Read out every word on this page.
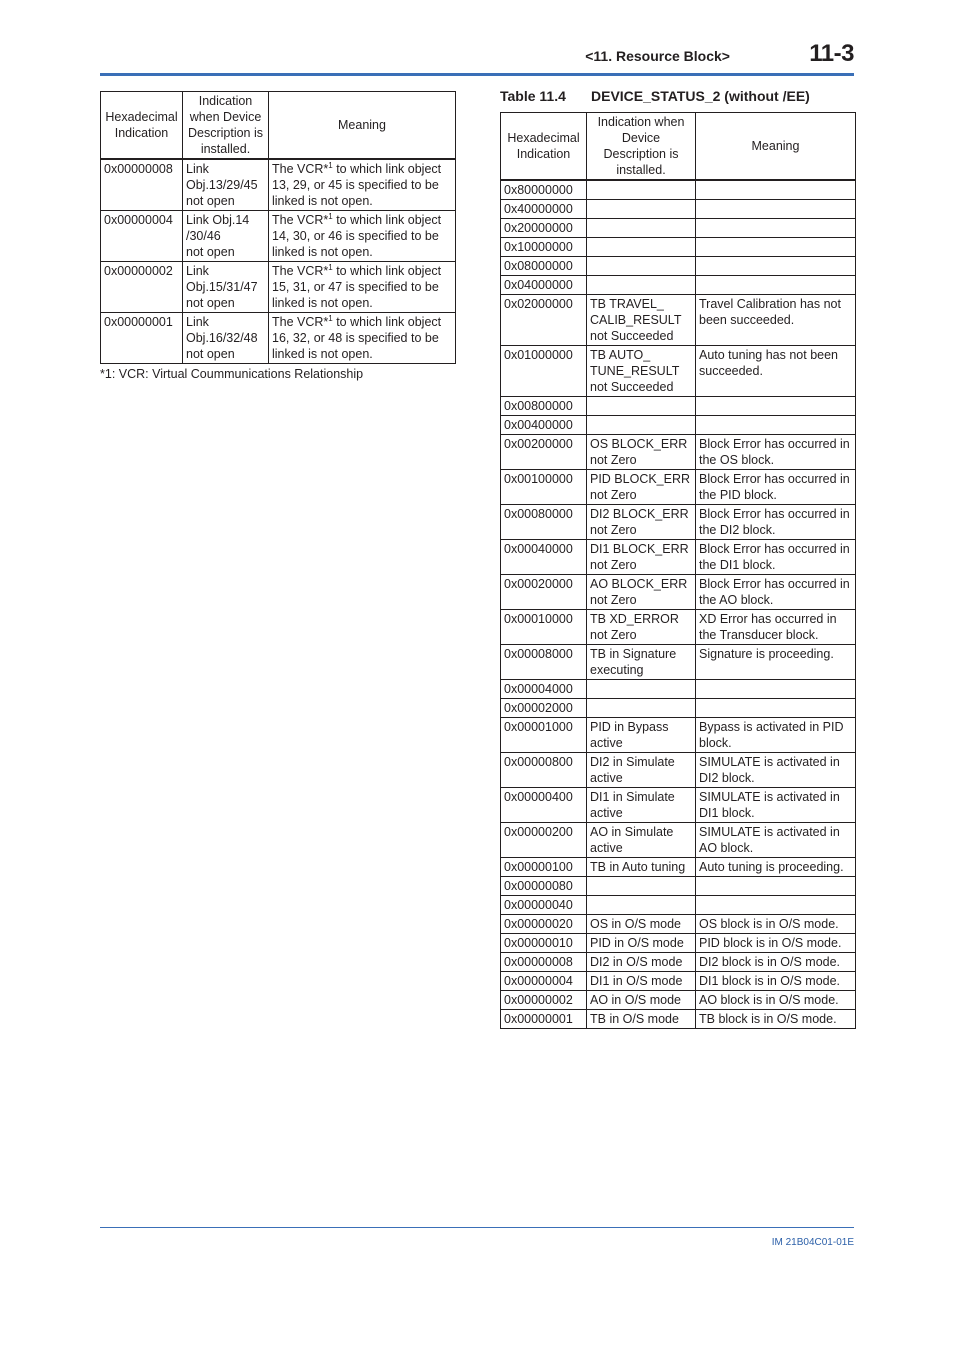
<11. Resource Block>	11-3
Hexadecimal Indication	Indication when Device Description is installed.	Meaning
0x00000008	Link
Obj.13/29/45
not open	The VCR*$^1$ to which link object 13, 29, or 45 is specified to be linked is not open.
0x00000004	Link Obj.14
/30/46
not open	The VCR*$^1$ to which link object 14, 30, or 46 is specified to be linked is not open.
0x00000002	Link
Obj.15/31/47
not open	The VCR*$^1$ to which link object 15, 31, or 47 is specified to be linked is not open.
0x00000001	Link
Obj.16/32/48
not open	The VCR*$^1$ to which link object 16, 32, or 48 is specified to be linked is not open.
*1: VCR: Virtual Coummunications Relationship
Table 11.4 DEVICE_STATUS_2 (without /EE)
Hexadecimal Indication	Indication when Device Description is installed.	Meaning
0x80000000		
0x40000000		
0x20000000		
0x10000000		
0x08000000		
0x04000000		
0x02000000	TB TRAVEL_
CALIB_RESULT
not Succeeded	Travel Calibration has not been succeeded.
0x01000000	TB AUTO_
TUNE_RESULT
not Succeeded	Auto tuning has not been succeeded.
0x00800000		
0x00400000		
0x00200000	OS BLOCK_ERR not Zero	Block Error has occurred in the OS block.
0x00100000	PID BLOCK_ERR not Zero	Block Error has occurred in the PID block.
0x00080000	DI2 BLOCK_ERR not Zero	Block Error has occurred in the DI2 block.
0x00040000	DI1 BLOCK_ERR not Zero	Block Error has occurred in the DI1 block.
0x00020000	AO BLOCK_ERR not Zero	Block Error has occurred in the AO block.
0x00010000	TB XD_ERROR not Zero	XD Error has occurred in the Transducer block.
0x00008000	TB in Signature executing	Signature is proceeding.
0x00004000		
0x00002000		
0x00001000	PID in Bypass active	Bypass is activated in PID block.
0x00000800	DI2 in Simulate active	SIMULATE is activated in DI2 block.
0x00000400	DI1 in Simulate active	SIMULATE is activated in DI1 block.
0x00000200	AO in Simulate active	SIMULATE is activated in AO block.
0x00000100	TB in Auto tuning	Auto tuning is proceeding.
0x00000080		
0x00000040		
0x00000020	OS in O/S mode	OS block is in O/S mode.
0x00000010	PID in O/S mode	PID block is in O/S mode.
0x00000008	DI2 in O/S mode	DI2 block is in O/S mode.
0x00000004	DI1 in O/S mode	DI1 block is in O/S mode.
0x00000002	AO in O/S mode	AO block is in O/S mode.
0x00000001	TB in O/S mode	TB block is in O/S mode.
IM 21B04C01-01E
